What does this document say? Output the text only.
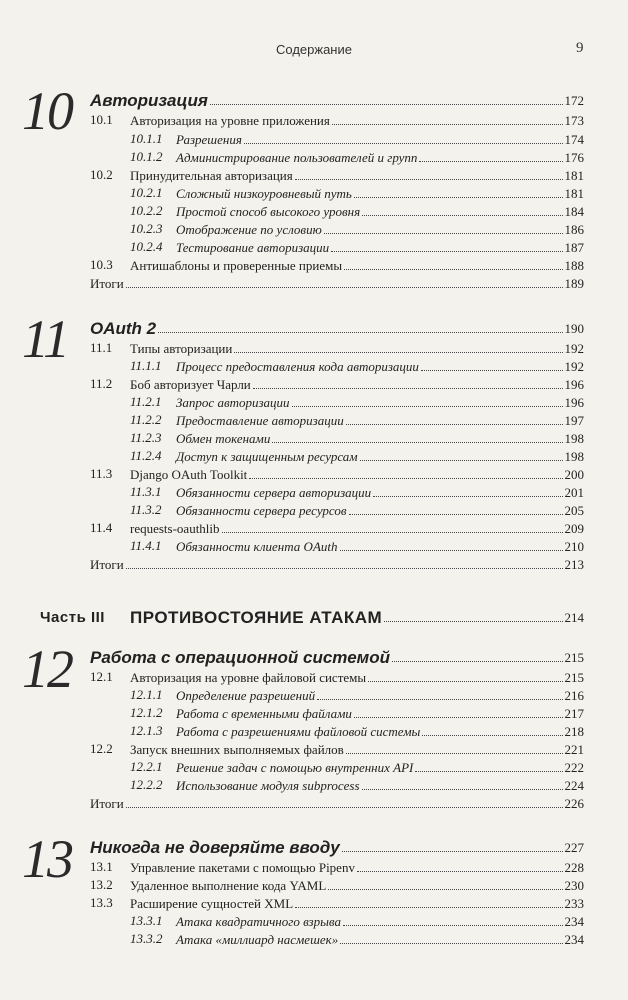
Содержание	9
10 Авторизация	172
10.1 Авторизация на уровне приложения	173
10.1.1 Разрешения	174
10.1.2 Администрирование пользователей и групп	176
10.2 Принудительная авторизация	181
10.2.1 Сложный низкоуровневый путь	181
10.2.2 Простой способ высокого уровня	184
10.2.3 Отображение по условию	186
10.2.4 Тестирование авторизации	187
10.3 Антишаблоны и проверенные приемы	188
Итоги	189
11 OAuth 2	190
11.1 Типы авторизации	192
11.1.1 Процесс предоставления кода авторизации	192
11.2 Боб авторизует Чарли	196
11.2.1 Запрос авторизации	196
11.2.2 Предоставление авторизации	197
11.2.3 Обмен токенами	198
11.2.4 Доступ к защищенным ресурсам	198
11.3 Django OAuth Toolkit	200
11.3.1 Обязанности сервера авторизации	201
11.3.2 Обязанности сервера ресурсов	205
11.4 requests-oauthlib	209
11.4.1 Обязанности клиента OAuth	210
Итоги	213
Часть III	ПРОТИВОСТОЯНИЕ АТАКАМ	214
12 Работа с операционной системой	215
12.1 Авторизация на уровне файловой системы	215
12.1.1 Определение разрешений	216
12.1.2 Работа с временными файлами	217
12.1.3 Работа с разрешениями файловой системы	218
12.2 Запуск внешних выполняемых файлов	221
12.2.1 Решение задач с помощью внутренних API	222
12.2.2 Использование модуля subprocess	224
Итоги	226
13 Никогда не доверяйте вводу	227
13.1 Управление пакетами с помощью Pipenv	228
13.2 Удаленное выполнение кода YAML	230
13.3 Расширение сущностей XML	233
13.3.1 Атака квадратичного взрыва	234
13.3.2 Атака «миллиард насмешек»	234
